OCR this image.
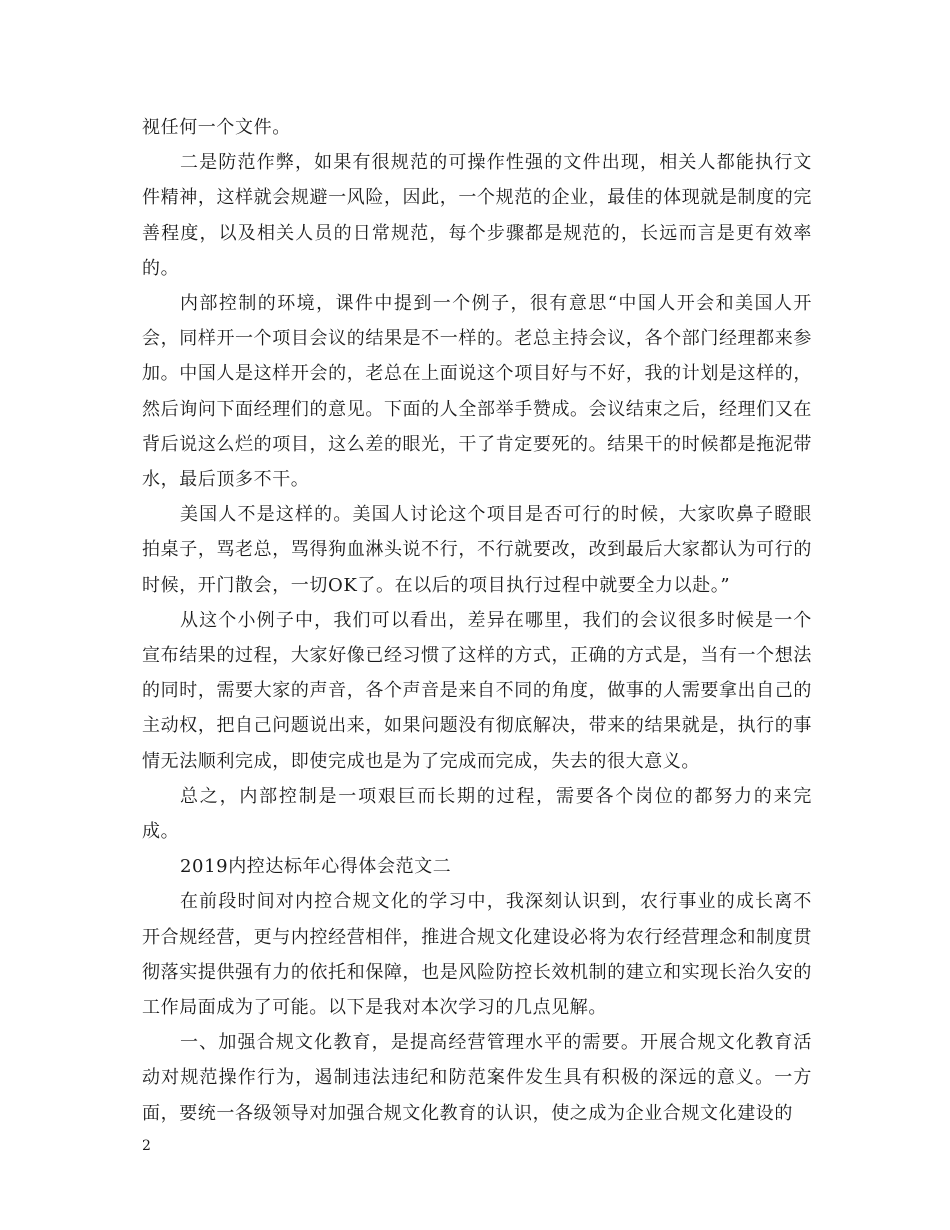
视任何一个文件。

二是防范作弊，如果有很规范的可操作性强的文件出现，相关人都能执行文件精神，这样就会规避一风险，因此，一个规范的企业，最佳的体现就是制度的完善程度，以及相关人员的日常规范，每个步骤都是规范的，长远而言是更有效率的。

内部控制的环境，课件中提到一个例子，很有意思“中国人开会和美国人开会，同样开一个项目会议的结果是不一样的。老总主持会议，各个部门经理都来参加。中国人是这样开会的，老总在上面说这个项目好与不好，我的计划是这样的，然后询问下面经理们的意见。下面的人全部举手赞成。会议结束之后，经理们又在背后说这么烂的项目，这么差的眼光，干了肯定要死的。结果干的时候都是拖泥带水，最后顶多不干。

美国人不是这样的。美国人讨论这个项目是否可行的时候，大家吹鼻子瞪眼拍桌子，骂老总，骂得狗血淋头说不行，不行就要改，改到最后大家都认为可行的时候，开门散会，一切OK了。在以后的项目执行过程中就要全力以赴。”

从这个小例子中，我们可以看出，差异在哪里，我们的会议很多时候是一个宣布结果的过程，大家好像已经习惯了这样的方式，正确的方式是，当有一个想法的同时，需要大家的声音，各个声音是来自不同的角度，做事的人需要拿出自己的主动权，把自己问题说出来，如果问题没有彻底解决，带来的结果就是，执行的事情无法顺利完成，即使完成也是为了完成而完成，失去的很大意义。

总之，内部控制是一项艰巨而长期的过程，需要各个岗位的都努力的来完成。

2019内控达标年心得体会范文二

在前段时间对内控合规文化的学习中，我深刻认识到，农行事业的成长离不开合规经营，更与内控经营相伴，推进合规文化建设必将为农行经营理念和制度贯彻落实提供强有力的依托和保障，也是风险防控长效机制的建立和实现长治久安的工作局面成为了可能。以下是我对本次学习的几点见解。

一、加强合规文化教育，是提高经营管理水平的需要。开展合规文化教育活动对规范操作行为，遏制违法违纪和防范案件发生具有积极的深远的意义。一方面，要统一各级领导对加强合规文化教育的认识，使之成为企业合规文化建设的

2
